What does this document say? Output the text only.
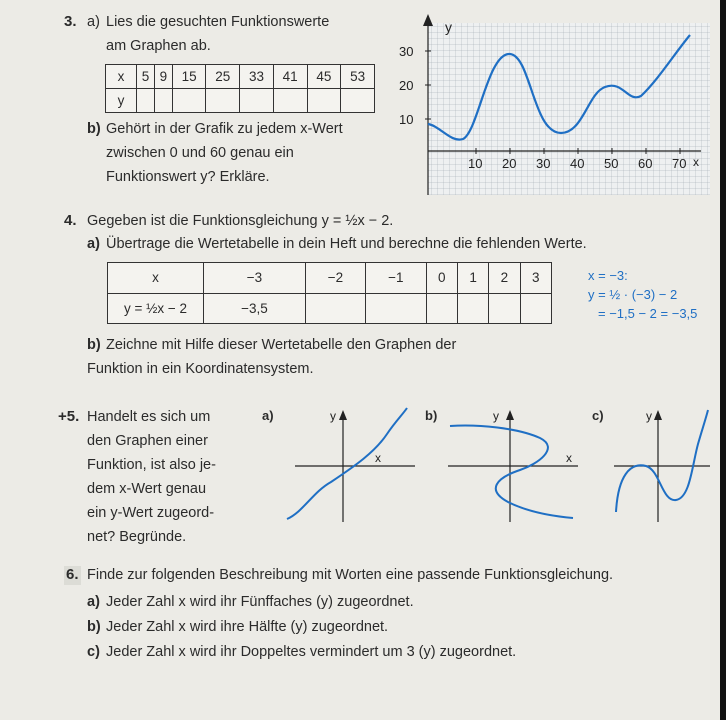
3. a) Lies die gesuchten Funktionswerte
am Graphen ab.
x	5	9	15	25	33	41	45	53
y								
b) Gehört in der Grafik zu jedem x-Wert
zwischen 0 und 60 genau ein
Funktionswert y? Erkläre.
y
x
30
20
10
10 20 30 40 50 60 70
4. Gegeben ist die Funktionsgleichung y = ½x − 2.
a) Übertrage die Wertetabelle in dein Heft und berechne die fehlenden Werte.
x	−3	−2	−1	0	1	2	3
y = ½x − 2	−3,5						
x = −3:
y = ½ · (−3) − 2
= −1,5 − 2 = −3,5
b) Zeichne mit Hilfe dieser Wertetabelle den Graphen der
Funktion in ein Koordinatensystem.
+5. Handelt es sich um
den Graphen einer
Funktion, ist also je-
dem x-Wert genau
ein y-Wert zugeord-
net? Begründe.
a)	y
x
b)	y
x
c)	y
6. Finde zur folgenden Beschreibung mit Worten eine passende Funktionsgleichung.
a) Jeder Zahl x wird ihr Fünffaches (y) zugeordnet.
b) Jeder Zahl x wird ihre Hälfte (y) zugeordnet.
c) Jeder Zahl x wird ihr Doppeltes vermindert um 3 (y) zugeordnet.
